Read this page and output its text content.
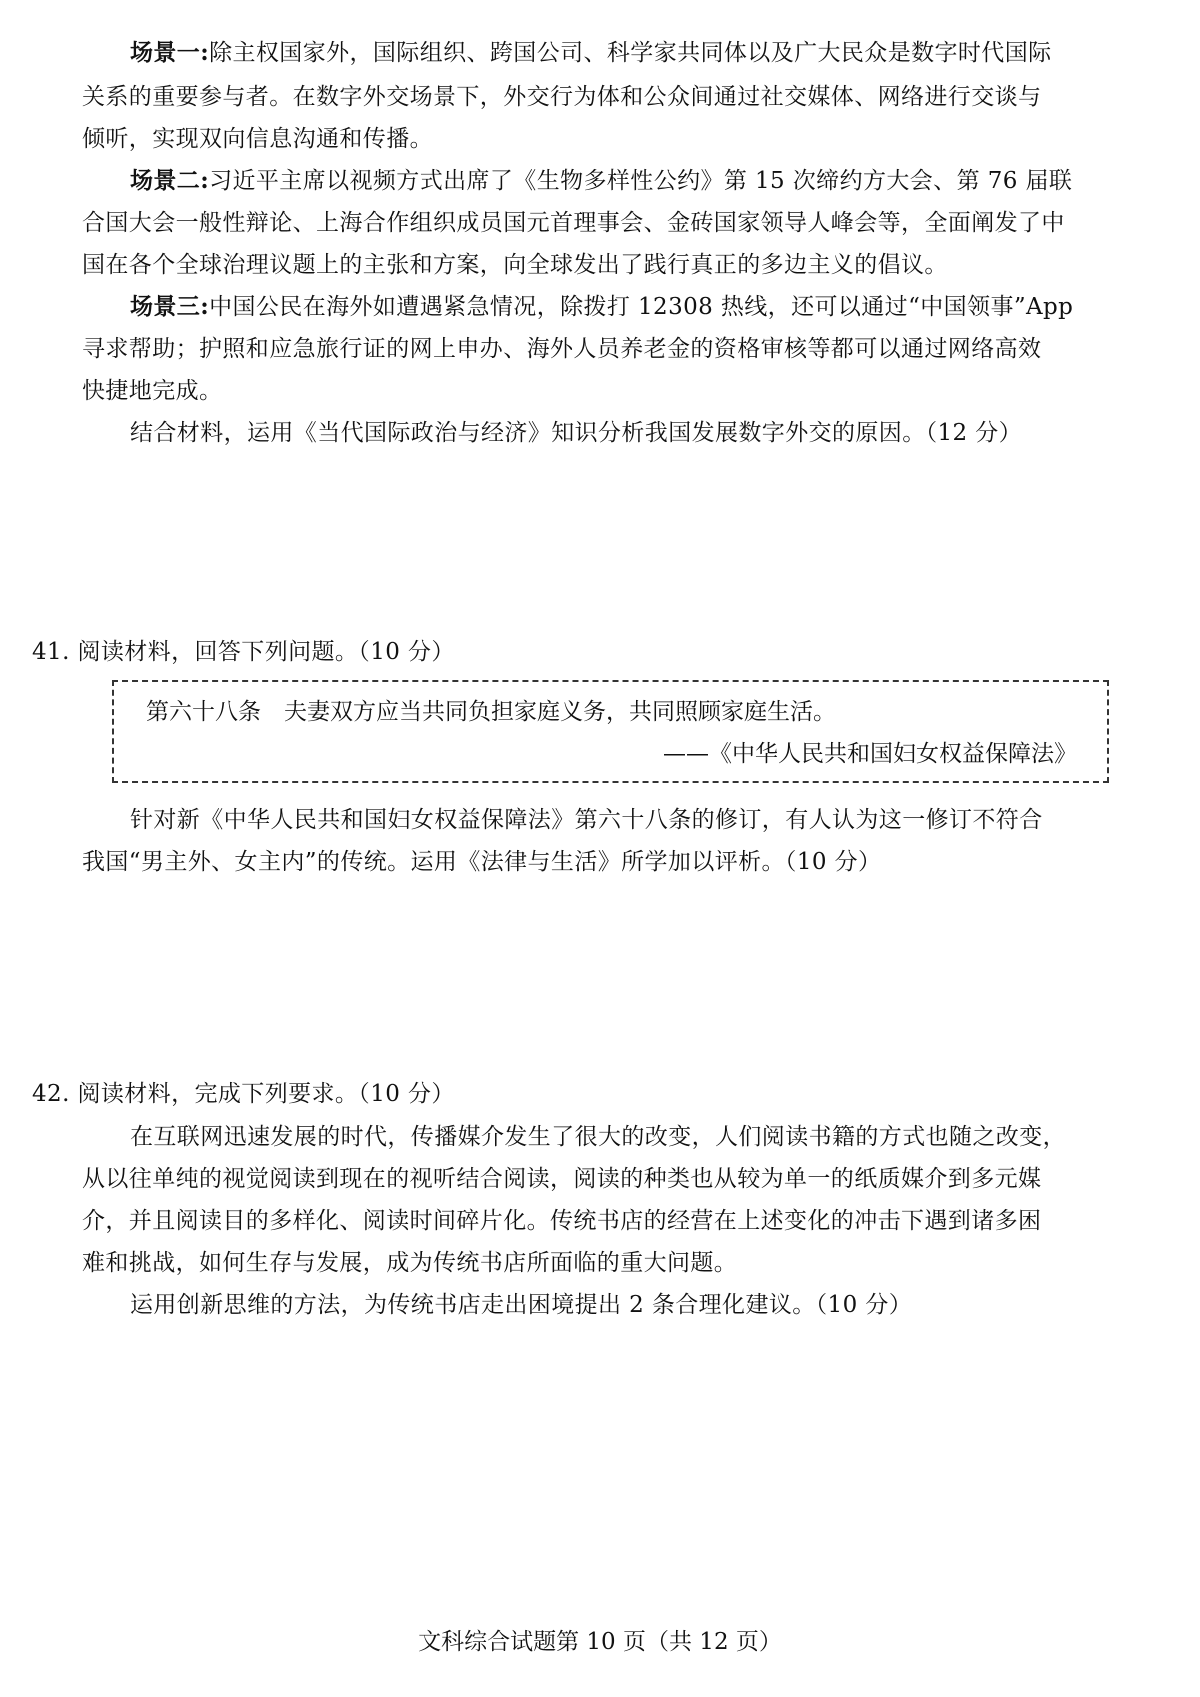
场景一:除主权国家外，国际组织、跨国公司、科学家共同体以及广大民众是数字时代国际
关系的重要参与者。在数字外交场景下，外交行为体和公众间通过社交媒体、网络进行交谈与
倾听，实现双向信息沟通和传播。
场景二:习近平主席以视频方式出席了《生物多样性公约》第 15 次缔约方大会、第 76 届联
合国大会一般性辩论、上海合作组织成员国元首理事会、金砖国家领导人峰会等，全面阐发了中
国在各个全球治理议题上的主张和方案，向全球发出了践行真正的多边主义的倡议。
场景三:中国公民在海外如遭遇紧急情况，除拨打 12308 热线，还可以通过“中国领事”App
寻求帮助；护照和应急旅行证的网上申办、海外人员养老金的资格审核等都可以通过网络高效
快捷地完成。
结合材料，运用《当代国际政治与经济》知识分析我国发展数字外交的原因。（12 分）
41. 阅读材料，回答下列问题。（10 分）
第六十八条　夫妻双方应当共同负担家庭义务，共同照顾家庭生活。
——《中华人民共和国妇女权益保障法》
针对新《中华人民共和国妇女权益保障法》第六十八条的修订，有人认为这一修订不符合
我国“男主外、女主内”的传统。运用《法律与生活》所学加以评析。（10 分）
42. 阅读材料，完成下列要求。（10 分）
在互联网迅速发展的时代，传播媒介发生了很大的改变，人们阅读书籍的方式也随之改变，
从以往单纯的视觉阅读到现在的视听结合阅读，阅读的种类也从较为单一的纸质媒介到多元媒
介，并且阅读目的多样化、阅读时间碎片化。传统书店的经营在上述变化的冲击下遇到诸多困
难和挑战，如何生存与发展，成为传统书店所面临的重大问题。
运用创新思维的方法，为传统书店走出困境提出 2 条合理化建议。（10 分）
文科综合试题第 10 页（共 12 页）
